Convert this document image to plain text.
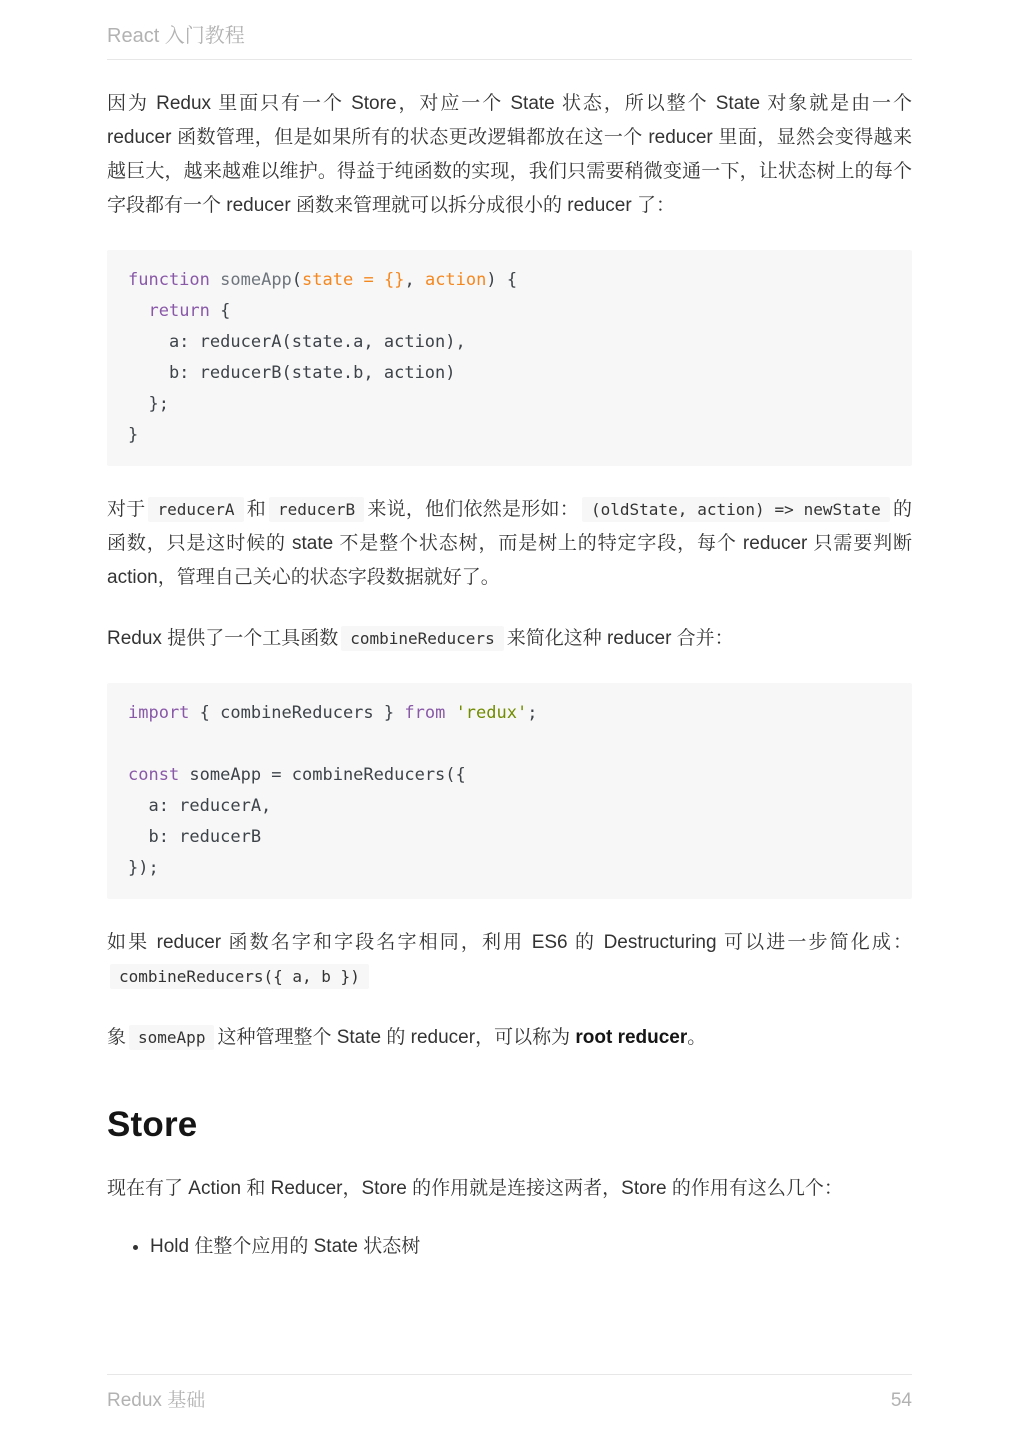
React 入门教程

因为 Redux 里面只有一个 Store，对应一个 State 状态，所以整个 State 对象就是由一个 reducer 函数管理，但是如果所有的状态更改逻辑都放在这一个 reducer 里面，显然会变得越来越巨大，越来越难以维护。得益于纯函数的实现，我们只需要稍微变通一下，让状态树上的每个字段都有一个 reducer 函数来管理就可以拆分成很小的 reducer 了：

function someApp(state = {}, action) {
return {
a: reducerA(state.a, action),
b: reducerB(state.b, action)
};
}

对于 reducerA 和 reducerB 来说，他们依然是形如： (oldState, action) => newState 的函数，只是这时候的 state 不是整个状态树，而是树上的特定字段，每个 reducer 只需要判断 action，管理自己关心的状态字段数据就好了。

Redux 提供了一个工具函数 combineReducers 来简化这种 reducer 合并：

import { combineReducers } from 'redux';

const someApp = combineReducers({
a: reducerA,
b: reducerB
});

如果 reducer 函数名字和字段名字相同，利用 ES6 的 Destructuring 可以进一步简化成：combineReducers({ a, b })

象 someApp 这种管理整个 State 的 reducer，可以称为 root reducer。

Store

现在有了 Action 和 Reducer，Store 的作用就是连接这两者，Store 的作用有这么几个：

• Hold 住整个应用的 State 状态树
Redux 基础	54
